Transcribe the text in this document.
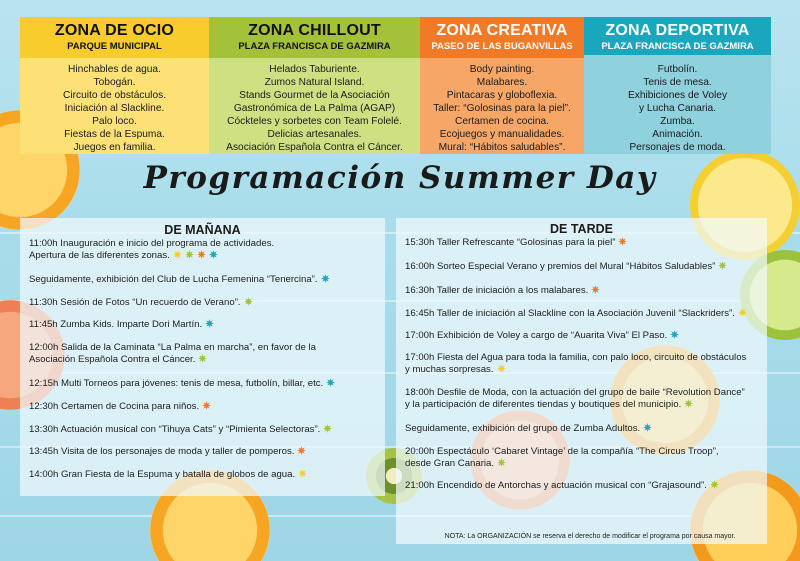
ZONA DE OCIO
PARQUE MUNICIPAL
Hinchables de agua.
Tobogán.
Circuito de obstáculos.
Iniciación al Slackline.
Palo loco.
Fiestas de la Espuma.
Juegos en familia.
ZONA CHILLOUT
PLAZA FRANCISCA DE GAZMIRA
Helados Taburiente.
Zumos Natural Island.
Stands Gourmet de la Asociación
Gastronómica de La Palma (AGAP)
Cóckteles y sorbetes con Team Folelé.
Delicias artesanales.
Asociación Española Contra el Cáncer.
ZONA CREATIVA
PASEO DE LAS BUGANVILLAS
Body painting.
Malabares.
Pintacaras y globoflexia.
Taller: “Golosinas para la piel”.
Certamen de cocina.
Ecojuegos y manualidades.
Mural: “Hábitos saludables”.
ZONA DEPORTIVA
PLAZA FRANCISCA DE GAZMIRA
Futbolín.
Tenis de mesa.
Exhibiciones de Voley
y Lucha Canaria.
Zumba.
Animación.
Personajes de moda.
Programación Summer Day
DE MAÑANA
11:00h Inauguración e inicio del programa de actividades.
Apertura de las diferentes zonas.
Seguidamente, exhibición del Club de Lucha Femenina “Tenercina”.
11:30h Sesión de Fotos “Un recuerdo de Verano”.
11:45h Zumba Kids. Imparte Dori Martín.
12:00h Salida de la Caminata “La Palma en marcha”, en favor de la
Asociación Española Contra el Cáncer.
12:15h Multi Torneos para jóvenes: tenis de mesa, futbolín, billar, etc.
12:30h Certamen de Cocina para niños.
13:30h Actuación musical con “Tihuya Cats” y “Pimienta Selectoras”.
13:45h Visita de los personajes de moda y taller de pomperos.
14:00h Gran Fiesta de la Espuma y batalla de globos de agua.
DE TARDE
15:30h Taller Refrescante “Golosinas para la piel”
16:00h Sorteo Especial Verano y premios del Mural “Hábitos Saludables”
16:30h Taller de iniciación a los malabares.
16:45h Taller de iniciación al Slackline con la Asociación Juvenil “Slackriders”.
17:00h Exhibición de Voley a cargo de “Auarita Viva” El Paso.
17:00h Fiesta del Agua para toda la familia, con palo loco, circuito de obstáculos
y muchas sorpresas.
18:00h Desfile de Moda, con la actuación del grupo de baile “Revolution Dance”
y la participación de diferentes tiendas y boutiques del municipio.
Seguidamente, exhibición del grupo de Zumba Adultos.
20:00h Espectáculo ‘Cabaret Vintage’ de la compañía “The Circus Troop”,
desde Gran Canaria.
21:00h Encendido de Antorchas y actuación musical con “Grajasound”.
NOTA: La ORGANIZACIÓN se reserva el derecho de modificar el programa por causa mayor.
